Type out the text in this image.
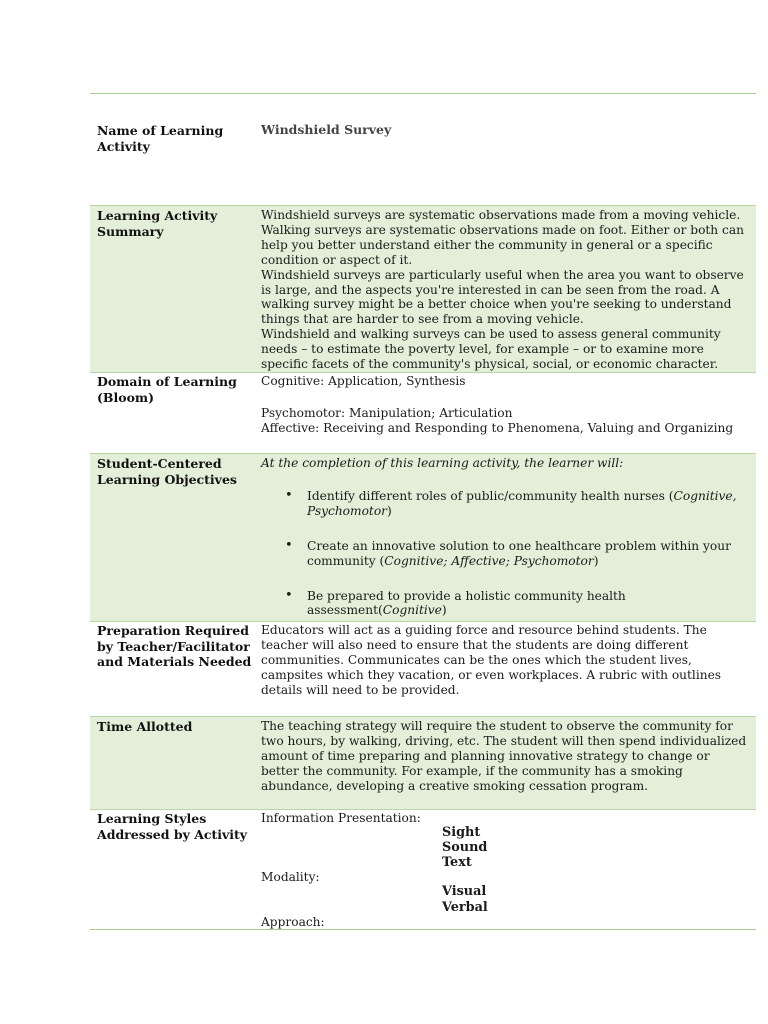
Name of Learning Activity
Windshield Survey
Learning Activity Summary

Windshield surveys are systematic observations made from a moving vehicle. Walking surveys are systematic observations made on foot. Either or both can help you better understand either the community in general or a specific condition or aspect of it.

Windshield surveys are particularly useful when the area you want to observe is large, and the aspects you're interested in can be seen from the road. A walking survey might be a better choice when you're seeking to understand things that are harder to see from a moving vehicle.

Windshield and walking surveys can be used to assess general community needs – to estimate the poverty level, for example – or to examine more specific facets of the community's physical, social, or economic character.

Domain of Learning (Bloom)

Cognitive: Application, Synthesis

Psychomotor: Manipulation; Articulation

Affective: Receiving and Responding to Phenomena, Valuing and Organizing

Student-Centered Learning Objectives

At the completion of this learning activity, the learner will:

• Identify different roles of public/community health nurses (Cognitive, Psychomotor)
• Create an innovative solution to one healthcare problem within your community (Cognitive; Affective; Psychomotor)
• Be prepared to provide a holistic community health assessment(Cognitive)
Preparation Required by Teacher/Facilitator and Materials Needed
Educators will act as a guiding force and resource behind students. The teacher will also need to ensure that the students are doing different communities. Communicates can be the ones which the student lives, campsites which they vacation, or even workplaces. A rubric with outlines details will need to be provided.
Time Allotted	The teaching strategy will require the student to observe the community for two hours, by walking, driving, etc. The student will then spend individualized amount of time preparing and planning innovative strategy to change or better the community. For example, if the community has a smoking abundance, developing a creative smoking cessation program.
Learning Styles Addressed by Activity
Information Presentation:
Sight
Sound
Text
Modality:
Visual
Verbal
Approach:
